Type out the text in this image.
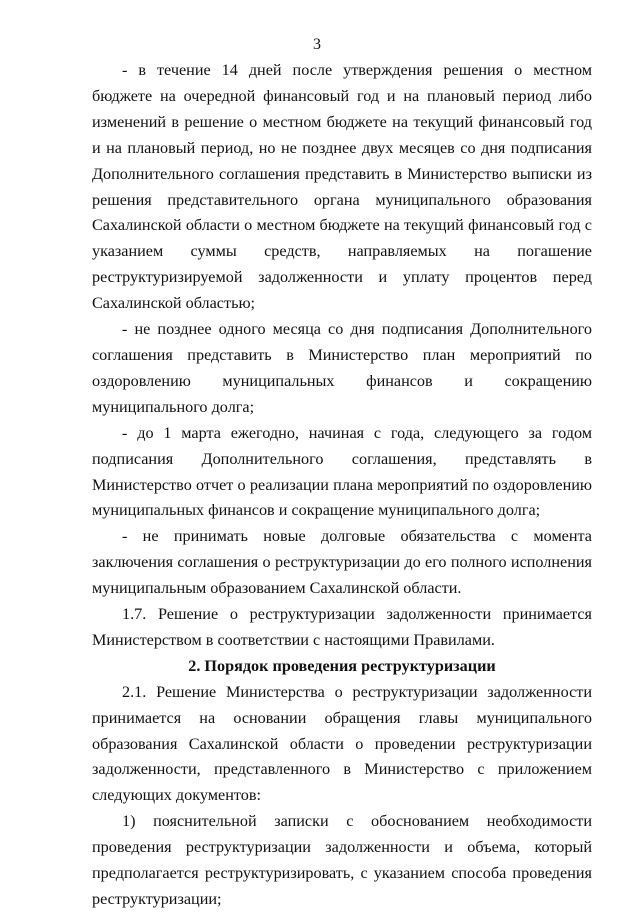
3

- в течение 14 дней после утверждения решения о местном бюджете на очередной финансовый год и на плановый период либо изменений в решение о местном бюджете на текущий финансовый год и на плановый период, но не позднее двух месяцев со дня подписания Дополнительного соглашения представить в Министерство выписки из решения представительного органа муниципального образования Сахалинской области о местном бюджете на текущий финансовый год с указанием суммы средств, направляемых на погашение реструктуризируемой задолженности и уплату процентов перед Сахалинской областью;

- не позднее одного месяца со дня подписания Дополнительного соглашения представить в Министерство план мероприятий по оздоровлению муниципальных финансов и сокращению муниципального долга;

- до 1 марта ежегодно, начиная с года, следующего за годом подписания Дополнительного соглашения, представлять в Министерство отчет о реализации плана мероприятий по оздоровлению муниципальных финансов и сокращение муниципального долга;

- не принимать новые долговые обязательства с момента заключения соглашения о реструктуризации до его полного исполнения муниципальным образованием Сахалинской области.

1.7. Решение о реструктуризации задолженности принимается Министерством в соответствии с настоящими Правилами.

2. Порядок проведения реструктуризации

2.1. Решение Министерства о реструктуризации задолженности принимается на основании обращения главы муниципального образования Сахалинской области о проведении реструктуризации задолженности, представленного в Министерство с приложением следующих документов:

1) пояснительной записки с обоснованием необходимости проведения реструктуризации задолженности и объема, который предполагается реструктуризировать, с указанием способа проведения реструктуризации;
